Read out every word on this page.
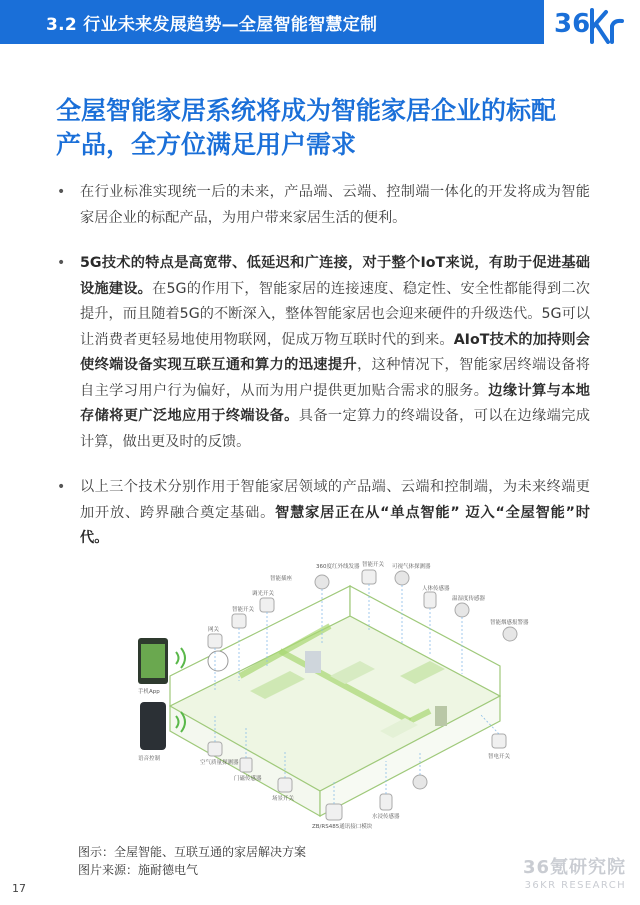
3.2 行业未来发展趋势—全屋智能智慧定制	36
全屋智能家居系统将成为智能家居企业的标配
产品，全方位满足用户需求
• 在行业标准实现统一后的未来，产品端、云端、控制端一体化的开发将成为智能家居企业的标配产品，为用户带来家居生活的便利。
• 5G技术的特点是高宽带、低延迟和广连接，对于整个IoT来说，有助于促进基础设施建设。在5G的作用下，智能家居的连接速度、稳定性、安全性都能得到二次提升，而且随着5G的不断深入，整体智能家居也会迎来硬件的升级迭代。5G可以让消费者更轻易地使用物联网，促成万物互联时代的到来。AIoT技术的加持则会使终端设备实现互联互通和算力的迅速提升，这种情况下，智能家居终端设备将自主学习用户行为偏好，从而为用户提供更加贴合需求的服务。边缘计算与本地存储将更广泛地应用于终端设备。具备一定算力的终端设备，可以在边缘端完成计算，做出更及时的反馈。
• 以上三个技术分别作用于智能家居领域的产品端、云端和控制端，为未来终端更加开放、跨界融合奠定基础。智慧家居正在从“单点智能” 迈入“全屋智能”时代。
手机App
语音控制
网关
智能开关
调光开关
智能插座
360度红外线发器 智能开关 可视气体探测器
人体传感器
温湿度传感器
智能烟感报警器
空气质量探测器
门磁传感器
场景开关
ZB/RS485通讯接口模块
水浸传感器
智电开关
图示：全屋智能、互联互通的家居解决方案
图片来源：施耐德电气	36氪研究院
36KR RESEARCH
17
